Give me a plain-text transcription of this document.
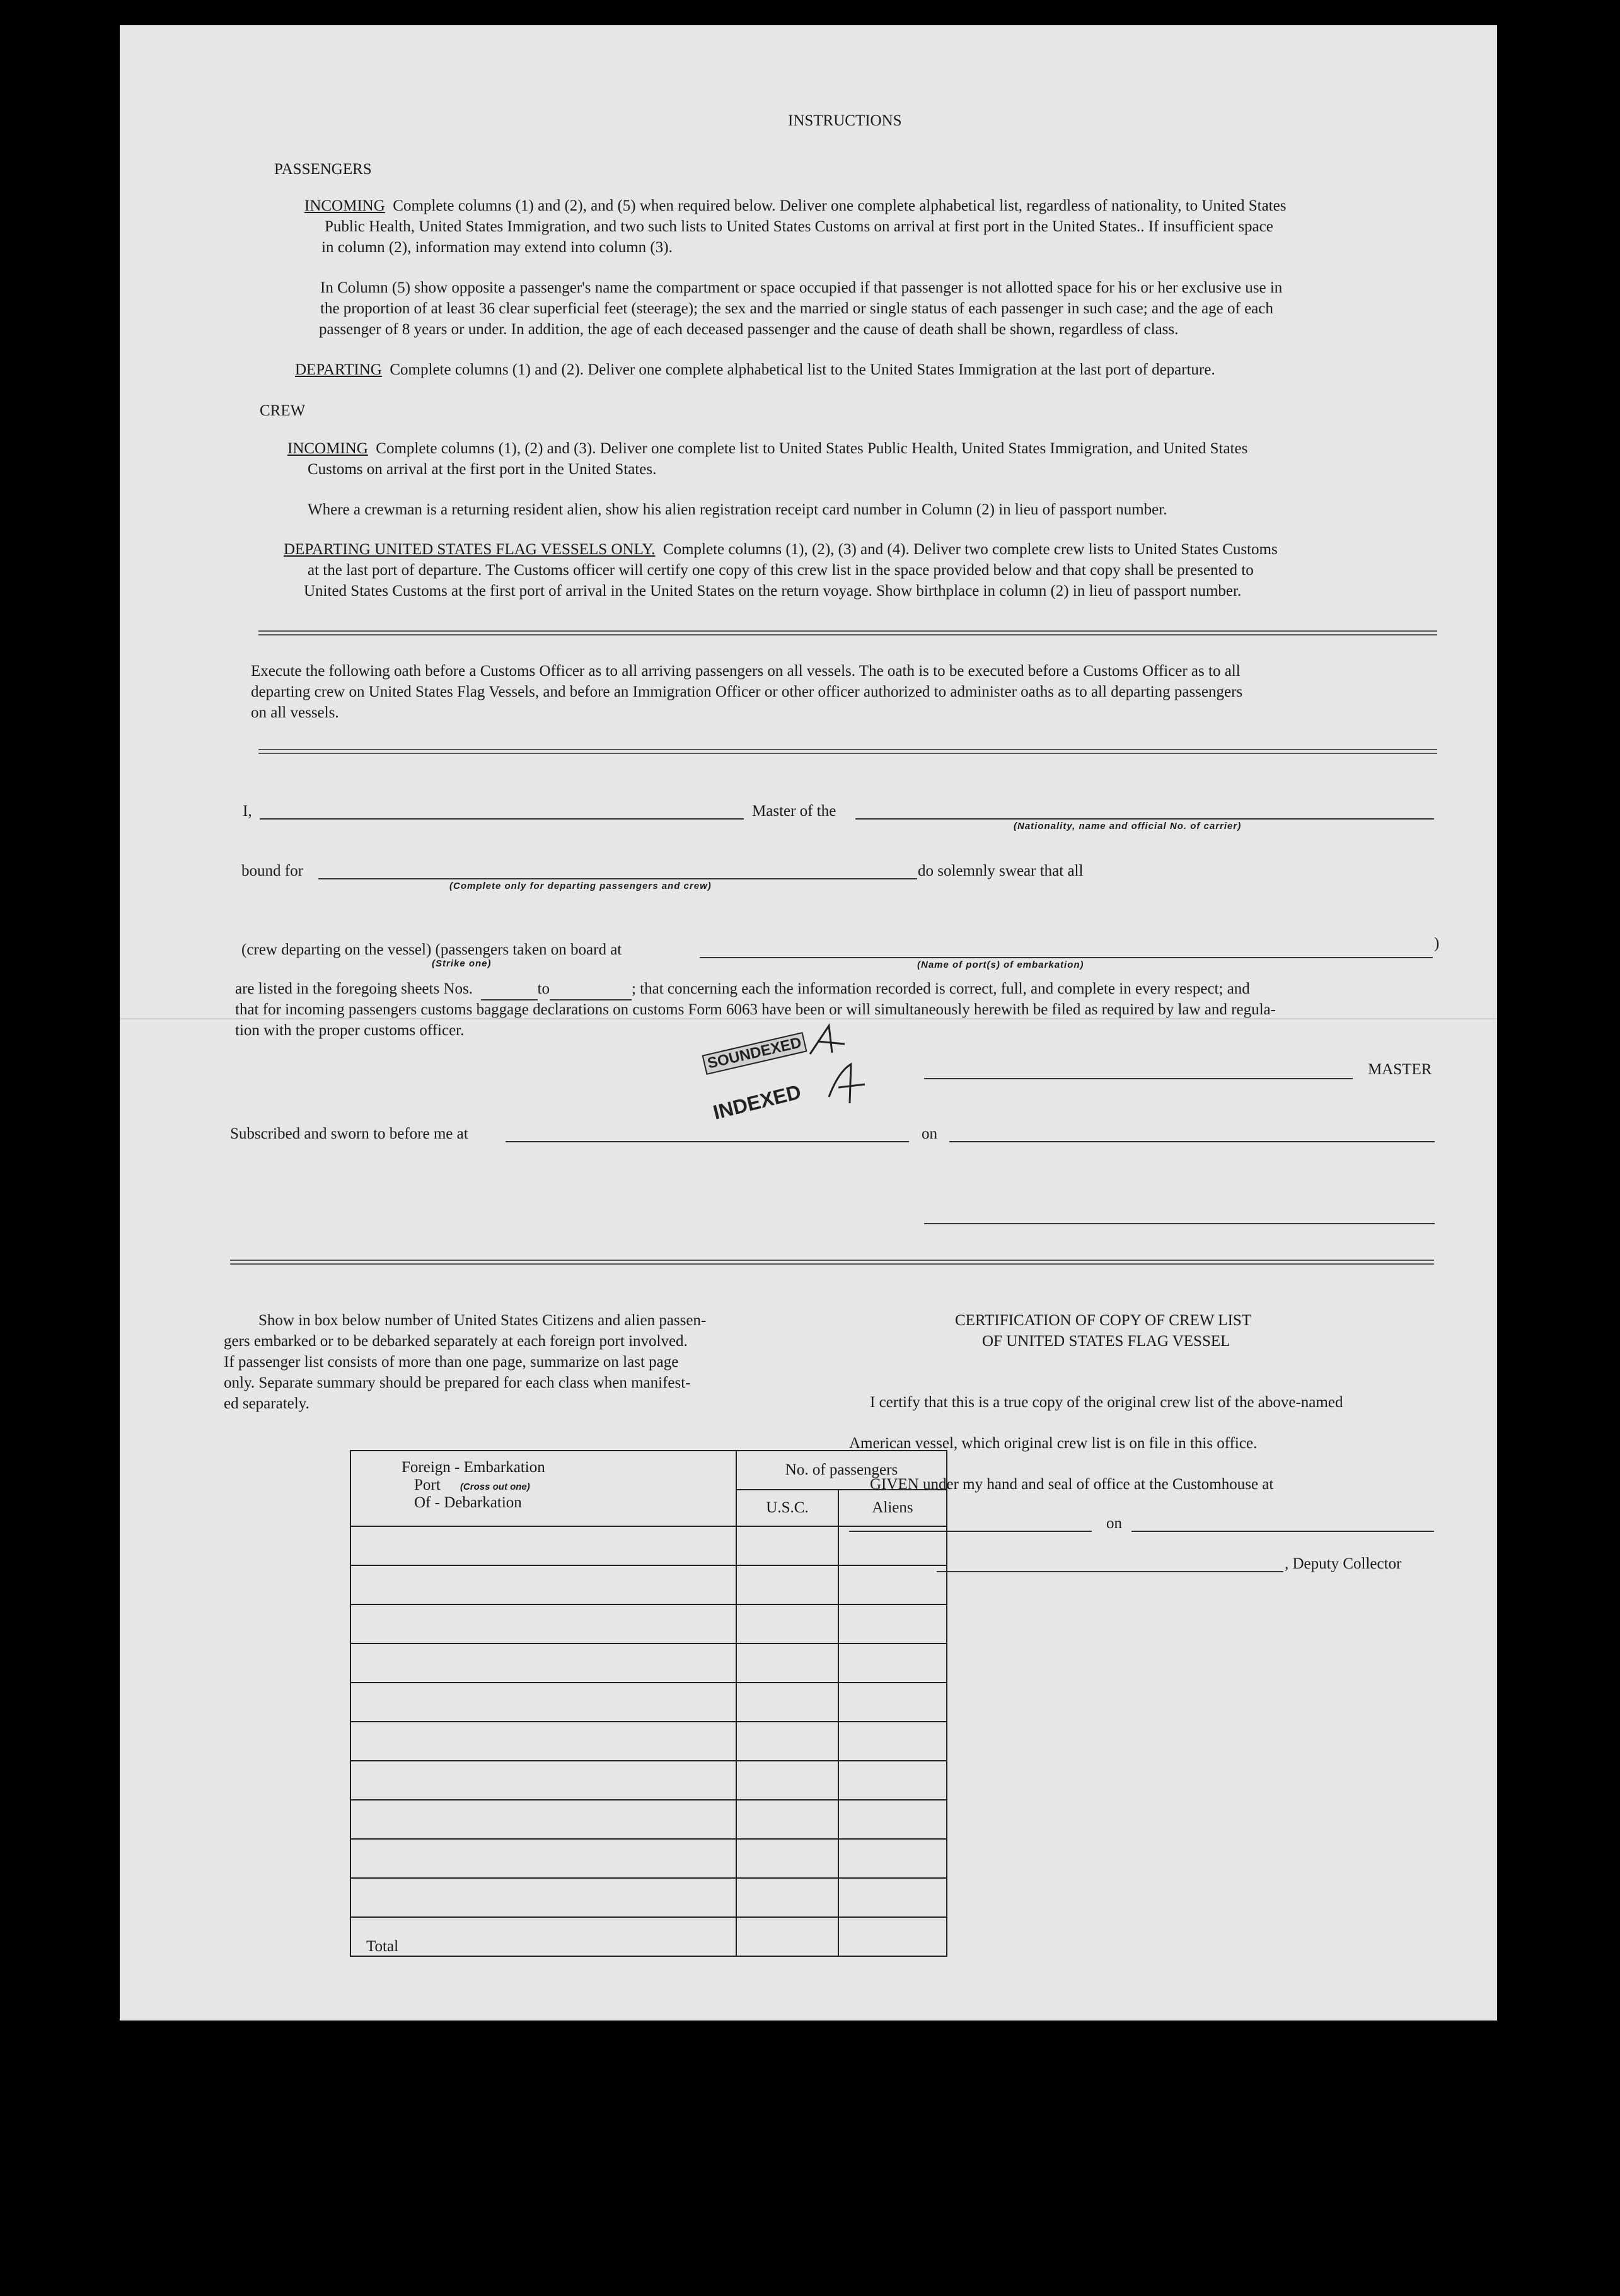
INSTRUCTIONS
PASSENGERS
INCOMING Complete columns (1) and (2), and (5) when required below. Deliver one complete alphabetical list, regardless of nationality, to United States
Public Health, United States Immigration, and two such lists to United States Customs on arrival at first port in the United States.. If insufficient space
in column (2), information may extend into column (3).
In Column (5) show opposite a passenger's name the compartment or space occupied if that passenger is not allotted space for his or her exclusive use in
the proportion of at least 36 clear superficial feet (steerage); the sex and the married or single status of each passenger in such case; and the age of each
passenger of 8 years or under. In addition, the age of each deceased passenger and the cause of death shall be shown, regardless of class.
DEPARTING Complete columns (1) and (2). Deliver one complete alphabetical list to the United States Immigration at the last port of departure.
CREW
INCOMING Complete columns (1), (2) and (3). Deliver one complete list to United States Public Health, United States Immigration, and United States
Customs on arrival at the first port in the United States.
Where a crewman is a returning resident alien, show his alien registration receipt card number in Column (2) in lieu of passport number.
DEPARTING UNITED STATES FLAG VESSELS ONLY. Complete columns (1), (2), (3) and (4). Deliver two complete crew lists to United States Customs
at the last port of departure. The Customs officer will certify one copy of this crew list in the space provided below and that copy shall be presented to
United States Customs at the first port of arrival in the United States on the return voyage. Show birthplace in column (2) in lieu of passport number.
Execute the following oath before a Customs Officer as to all arriving passengers on all vessels. The oath is to be executed before a Customs Officer as to all
departing crew on United States Flag Vessels, and before an Immigration Officer or other officer authorized to administer oaths as to all departing passengers
on all vessels.
I,	Master of the
(Nationality, name and official No. of carrier)
bound for	do solemnly swear that all
(Complete only for departing passengers and crew)
(crew departing on the vessel) (passengers taken on board at
(Strike one)
)
(Name of port(s) of embarkation)
are listed in the foregoing sheets Nos.	to	; that concerning each the information recorded is correct, full, and complete in every respect; and
that for incoming passengers customs baggage declarations on customs Form 6063 have been or will simultaneously herewith be filed as required by law and regula-
tion with the proper customs officer.
SOUNDEXED
INDEXED
MASTER
Subscribed and sworn to before me at	on
Show in box below number of United States Citizens and alien passen-
gers embarked or to be debarked separately at each foreign port involved.
If passenger list consists of more than one page, summarize on last page
only. Separate summary should be prepared for each class when manifest-
ed separately.
CERTIFICATION OF COPY OF CREW LIST
OF UNITED STATES FLAG VESSEL
I certify that this is a true copy of the original crew list of the above-named
American vessel, which original crew list is on file in this office.
GIVEN under my hand and seal of office at the Customhouse at
on
, Deputy Collector
Foreign - Embarkation
Port (Cross out one)
Of - Debarkation	No. of passengers	
	U.S.C.	Aliens

Total		
